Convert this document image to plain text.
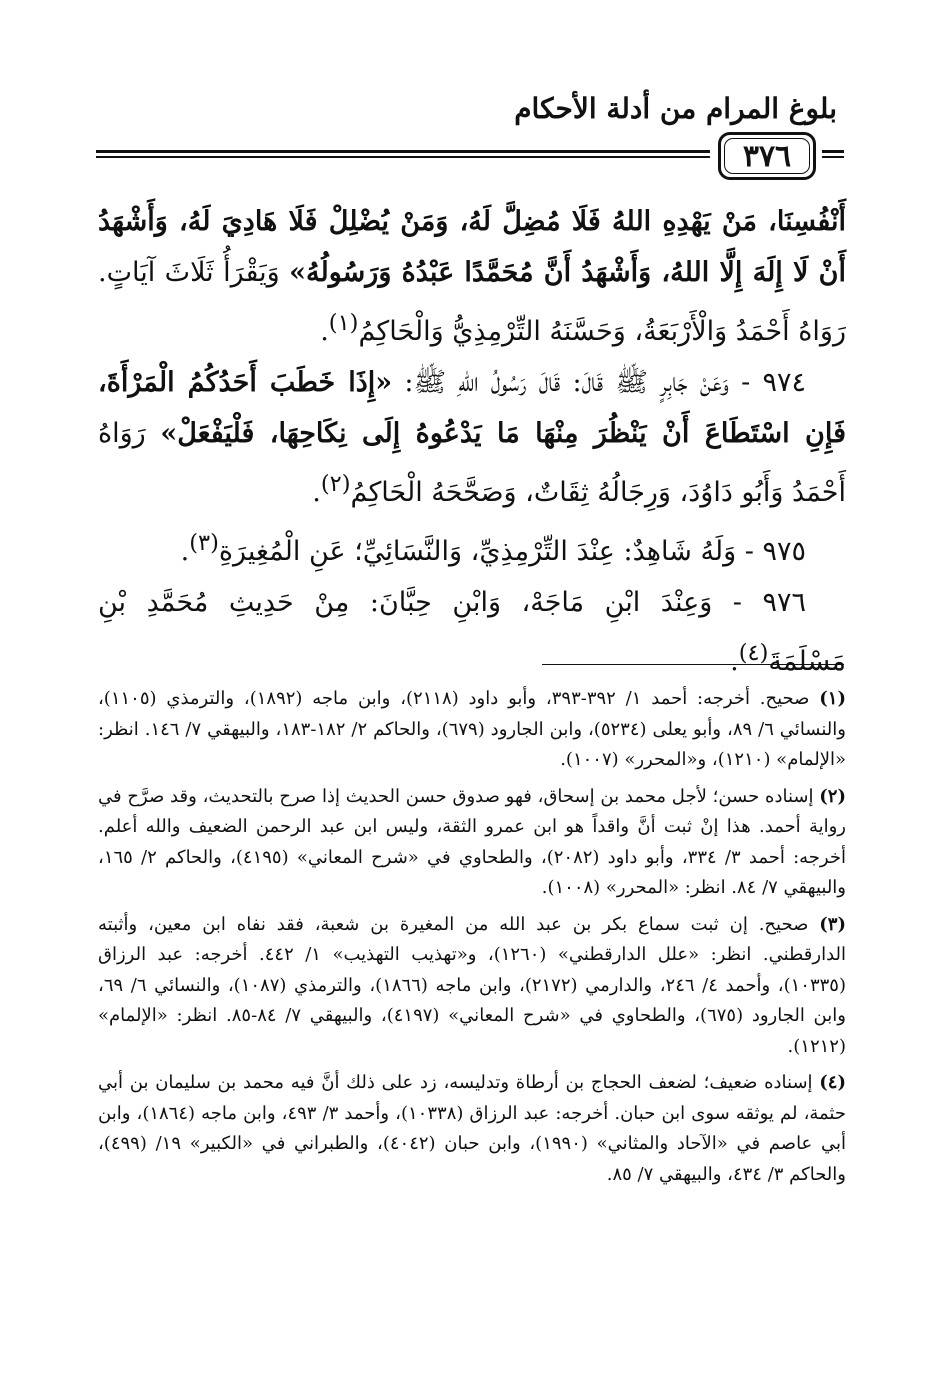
بلوغ المرام من أدلة الأحكام
٣٧٦

أَنْفُسِنَا، مَنْ يَهْدِهِ اللهُ فَلَا مُضِلَّ لَهُ، وَمَنْ يُضْلِلْ فَلَا هَادِيَ لَهُ، وَأَشْهَدُ أَنْ لَا إِلَهَ إِلَّا اللهُ، وَأَشْهَدُ أَنَّ مُحَمَّدًا عَبْدُهُ وَرَسُولُهُ» وَيَقْرَأُ ثَلَاثَ آيَاتٍ. رَوَاهُ أَحْمَدُ وَالْأَرْبَعَةُ، وَحَسَّنَهُ التِّرْمِذِيُّ وَالْحَاكِمُ$^{(١)}$.

٩٧٤ - وَعَنْ جَابِرٍ ﷺ قَالَ: قَالَ رَسُولُ اللهِ ﷺ: «إِذَا خَطَبَ أَحَدُكُمُ الْمَرْأَةَ، فَإِنِ اسْتَطَاعَ أَنْ يَنْظُرَ مِنْهَا مَا يَدْعُوهُ إِلَى نِكَاحِهَا، فَلْيَفْعَلْ» رَوَاهُ أَحْمَدُ وَأَبُو دَاوُدَ، وَرِجَالُهُ ثِقَاتٌ، وَصَحَّحَهُ الْحَاكِمُ$^{(٢)}$.

٩٧٥ - وَلَهُ شَاهِدٌ: عِنْدَ التِّرْمِذِيِّ، وَالنَّسَائِيِّ؛ عَنِ الْمُغِيرَةِ$^{(٣)}$.

٩٧٦ - وَعِنْدَ ابْنِ مَاجَهْ، وَابْنِ حِبَّانَ: مِنْ حَدِيثِ مُحَمَّدِ بْنِ مَسْلَمَةَ$^{(٤)}$.

(١) صحيح. أخرجه: أحمد ١/ ٣٩٢-٣٩٣، وأبو داود (٢١١٨)، وابن ماجه (١٨٩٢)، والترمذي (١١٠٥)، والنسائي ٦/ ٨٩، وأبو يعلى (٥٢٣٤)، وابن الجارود (٦٧٩)، والحاكم ٢/ ١٨٢-١٨٣، والبيهقي ٧/ ١٤٦. انظر: «الإلمام» (١٢١٠)، و«المحرر» (١٠٠٧).

(٢) إسناده حسن؛ لأجل محمد بن إسحاق، فهو صدوق حسن الحديث إذا صرح بالتحديث، وقد صرَّح في رواية أحمد. هذا إنْ ثبت أنَّ واقداً هو ابن عمرو الثقة، وليس ابن عبد الرحمن الضعيف والله أعلم. أخرجه: أحمد ٣/ ٣٣٤، وأبو داود (٢٠٨٢)، والطحاوي في «شرح المعاني» (٤١٩٥)، والحاكم ٢/ ١٦٥، والبيهقي ٧/ ٨٤. انظر: «المحرر» (١٠٠٨).

(٣) صحيح. إن ثبت سماع بكر بن عبد الله من المغيرة بن شعبة، فقد نفاه ابن معين، وأثبته الدارقطني. انظر: «علل الدارقطني» (١٢٦٠)، و«تهذيب التهذيب» ١/ ٤٤٢. أخرجه: عبد الرزاق (١٠٣٣٥)، وأحمد ٤/ ٢٤٦، والدارمي (٢١٧٢)، وابن ماجه (١٨٦٦)، والترمذي (١٠٨٧)، والنسائي ٦/ ٦٩، وابن الجارود (٦٧٥)، والطحاوي في «شرح المعاني» (٤١٩٧)، والبيهقي ٧/ ٨٤-٨٥. انظر: «الإلمام» (١٢١٢).

(٤) إسناده ضعيف؛ لضعف الحجاج بن أرطاة وتدليسه، زد على ذلك أنَّ فيه محمد بن سليمان بن أبي حثمة، لم يوثقه سوى ابن حبان. أخرجه: عبد الرزاق (١٠٣٣٨)، وأحمد ٣/ ٤٩٣، وابن ماجه (١٨٦٤)، وابن أبي عاصم في «الآحاد والمثاني» (١٩٩٠)، وابن حبان (٤٠٤٢)، والطبراني في «الكبير» ١٩/ (٤٩٩)، والحاكم ٣/ ٤٣٤، والبيهقي ٧/ ٨٥.
